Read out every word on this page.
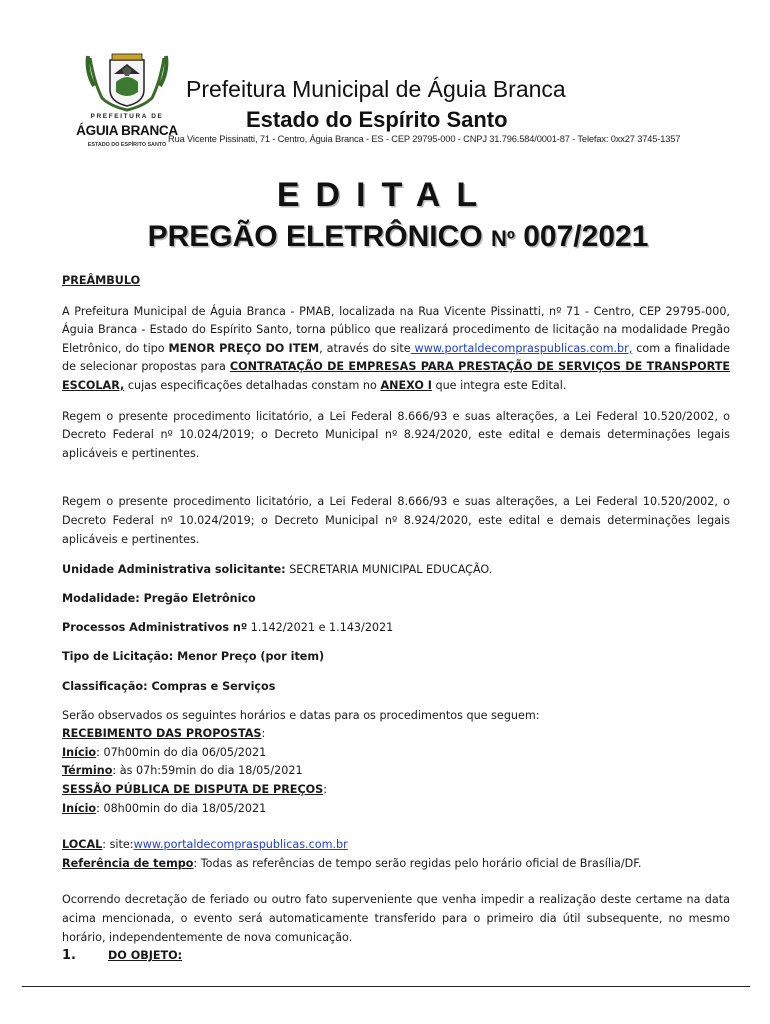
PREFEITURA DE
ÁGUIA BRANCA
ESTADO DO ESPÍRITO SANTO
Prefeitura Municipal de Águia Branca
Estado do Espírito Santo
Rua Vicente Pissinatti, 71 - Centro, Águia Branca - ES - CEP 29795-000 - CNPJ 31.796.584/0001-87 - Telefax: 0xx27 3745-1357
EDITAL
PREGÃO ELETRÔNICO Nº 007/2021

PREÂMBULO

A Prefeitura Municipal de Águia Branca - PMAB, localizada na Rua Vicente Pissinatti, nº 71 - Centro, CEP 29795-000, Águia Branca - Estado do Espírito Santo, torna público que realizará procedimento de licitação na modalidade Pregão Eletrônico, do tipo MENOR PREÇO DO ITEM, através do site www.portaldecompraspublicas.com.br, com a finalidade de selecionar propostas para CONTRATAÇÃO DE EMPRESAS PARA PRESTAÇÃO DE SERVIÇOS DE TRANSPORTE ESCOLAR, cujas especificações detalhadas constam no ANEXO I que integra este Edital.

Regem o presente procedimento licitatório, a Lei Federal 8.666/93 e suas alterações, a Lei Federal 10.520/2002, o Decreto Federal nº 10.024/2019; o Decreto Municipal nº 8.924/2020, este edital e demais determinações legais aplicáveis e pertinentes.

Regem o presente procedimento licitatório, a Lei Federal 8.666/93 e suas alterações, a Lei Federal 10.520/2002, o Decreto Federal nº 10.024/2019; o Decreto Municipal nº 8.924/2020, este edital e demais determinações legais aplicáveis e pertinentes.

Unidade Administrativa solicitante: SECRETARIA MUNICIPAL EDUCAÇÃO.

Modalidade: Pregão Eletrônico

Processos Administrativos nº 1.142/2021 e 1.143/2021

Tipo de Licitação: Menor Preço (por item)

Classificação: Compras e Serviços

Serão observados os seguintes horários e datas para os procedimentos que seguem:

RECEBIMENTO DAS PROPOSTAS:

Início: 07h00min do dia 06/05/2021

Término: às 07h:59min do dia 18/05/2021

SESSÃO PÚBLICA DE DISPUTA DE PREÇOS:

Início: 08h00min do dia 18/05/2021

LOCAL: site:www.portaldecompraspublicas.com.br

Referência de tempo: Todas as referências de tempo serão regidas pelo horário oficial de Brasília/DF.

Ocorrendo decretação de feriado ou outro fato superveniente que venha impedir a realização deste certame na data acima mencionada, o evento será automaticamente transferido para o primeiro dia útil subsequente, no mesmo horário, independentemente de nova comunicação.

1.	DO OBJETO:
